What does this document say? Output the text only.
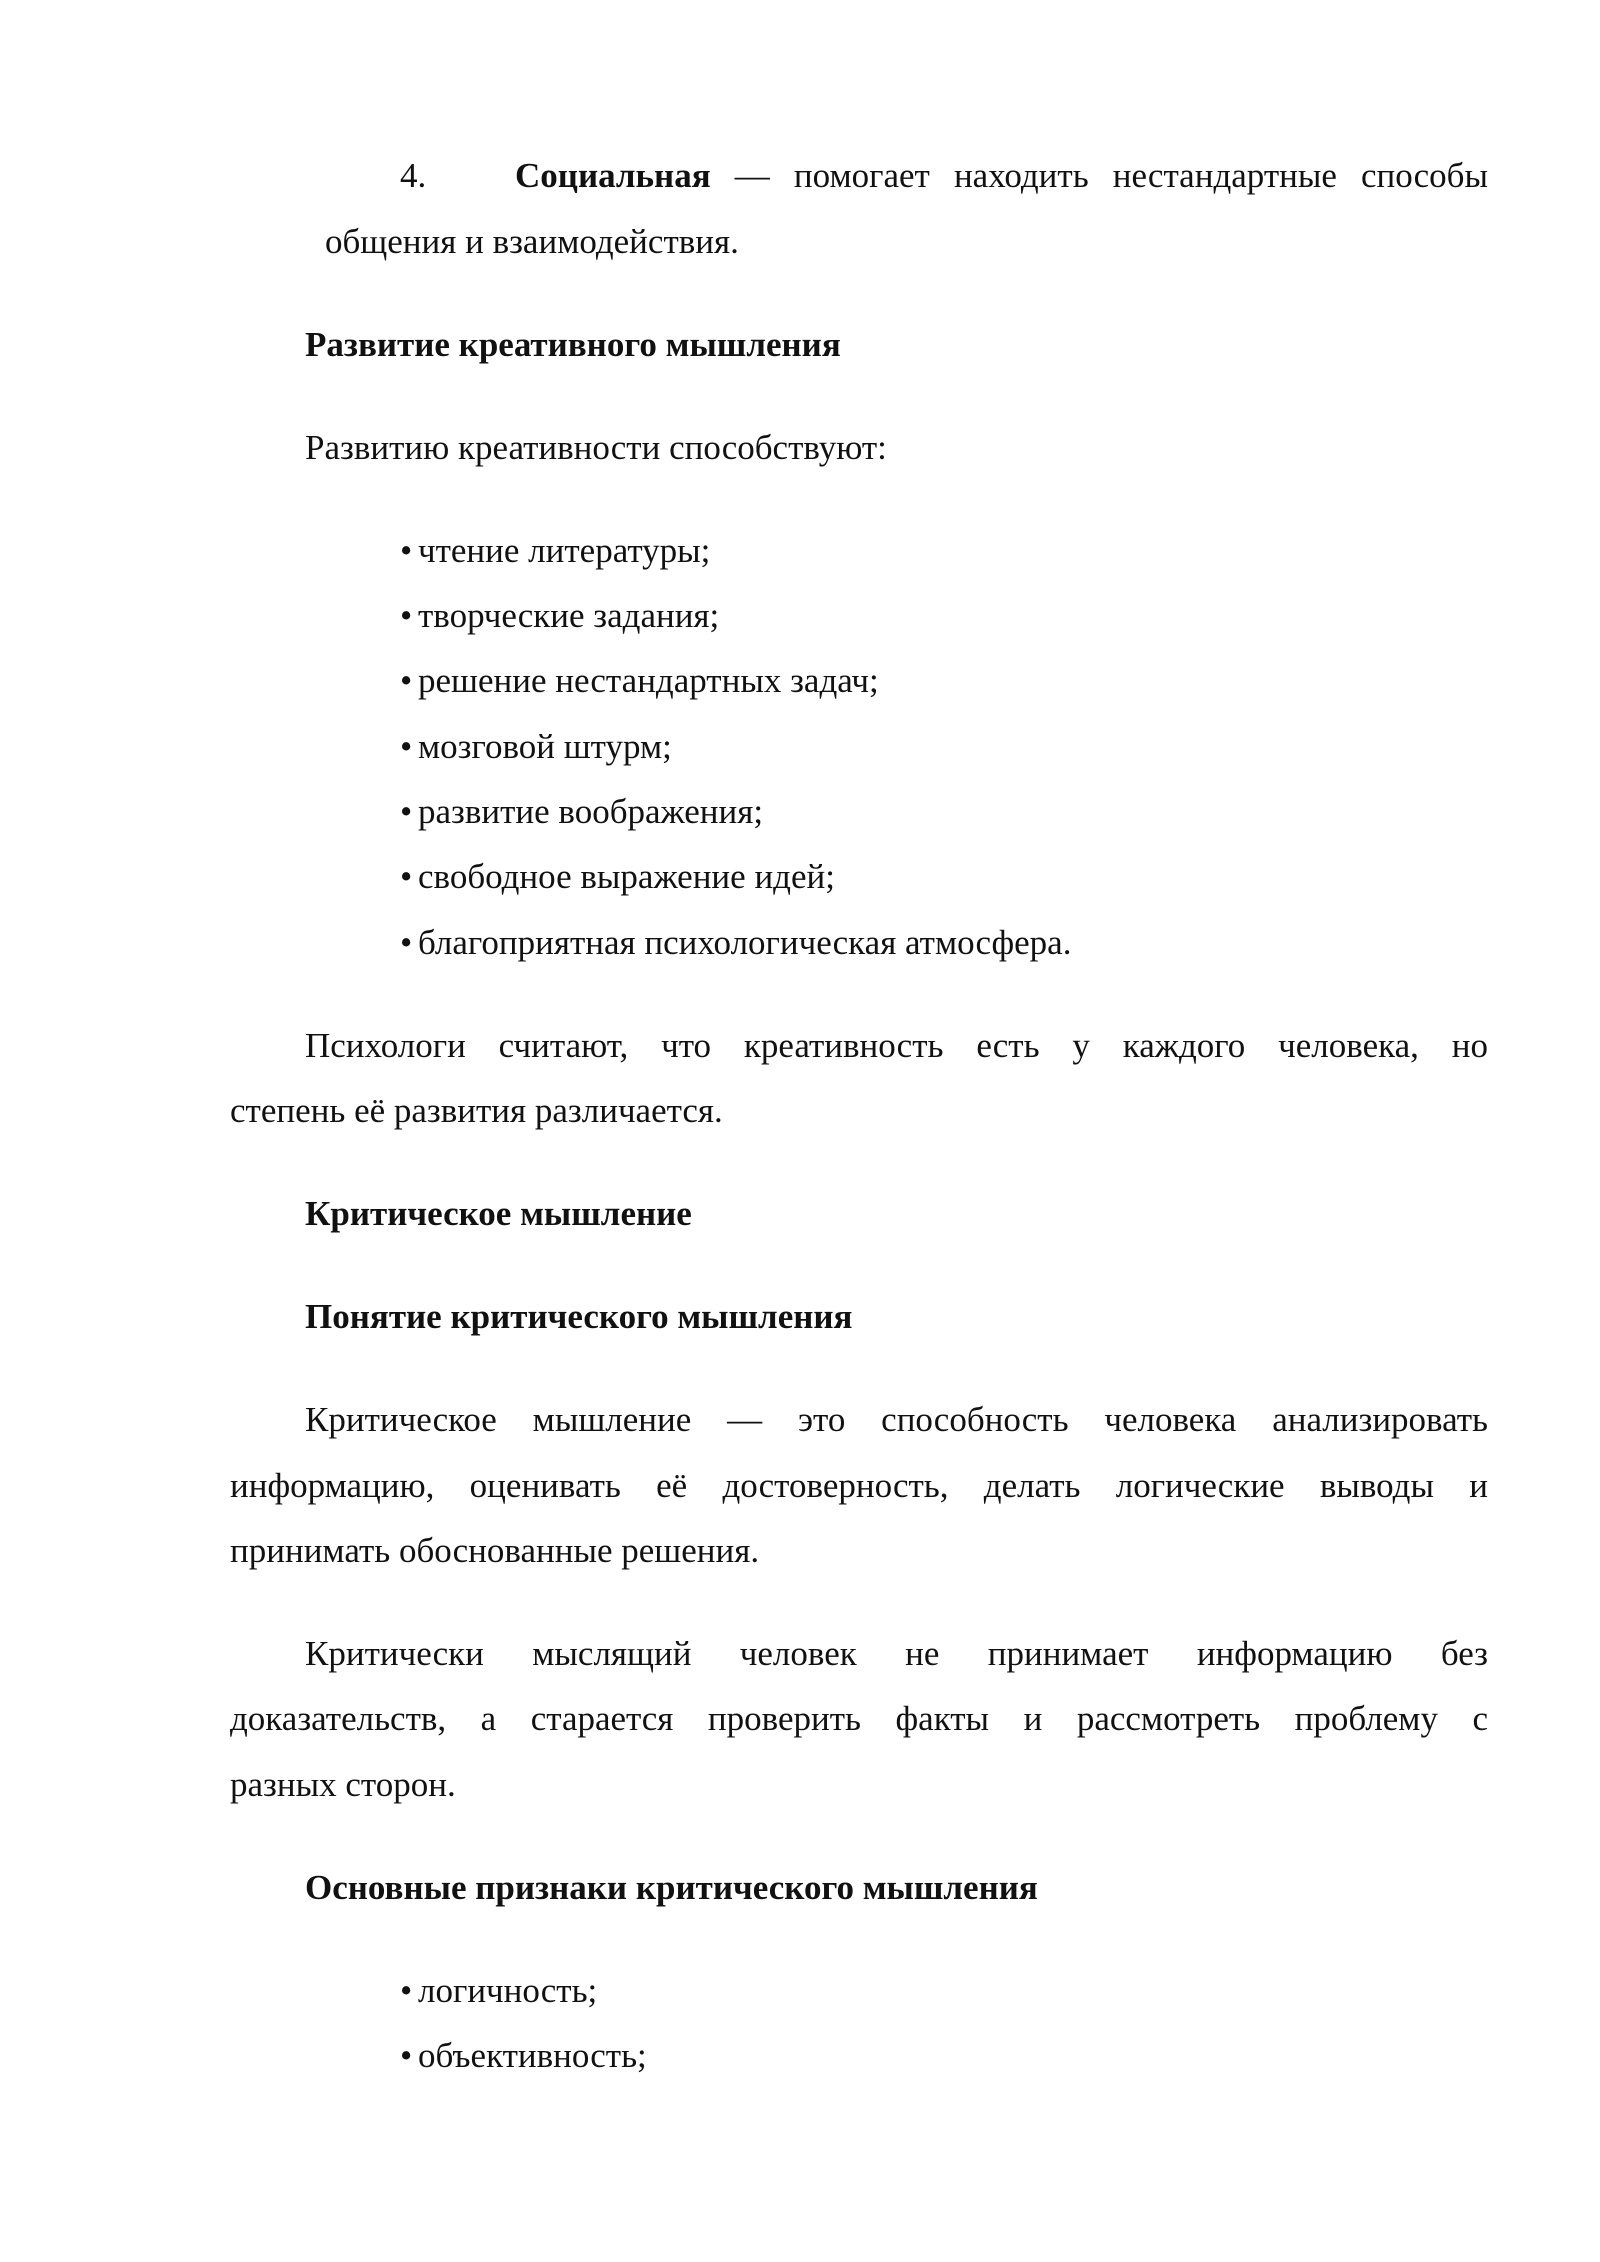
4.	Социальная — помогает находить нестандартные способы
общения и взаимодействия.
Развитие креативного мышления
Развитию креативности способствуют:
• чтение литературы;
• творческие задания;
• решение нестандартных задач;
• мозговой штурм;
• развитие воображения;
• свободное выражение идей;
• благоприятная психологическая атмосфера.
Психологи считают, что креативность есть у каждого человека, но
степень её развития различается.
Критическое мышление
Понятие критического мышления
Критическое мышление — это способность человека анализировать
информацию, оценивать её достоверность, делать логические выводы и
принимать обоснованные решения.
Критически мыслящий человек не принимает информацию без
доказательств, а старается проверить факты и рассмотреть проблему с
разных сторон.
Основные признаки критического мышления
• логичность;
• объективность;
